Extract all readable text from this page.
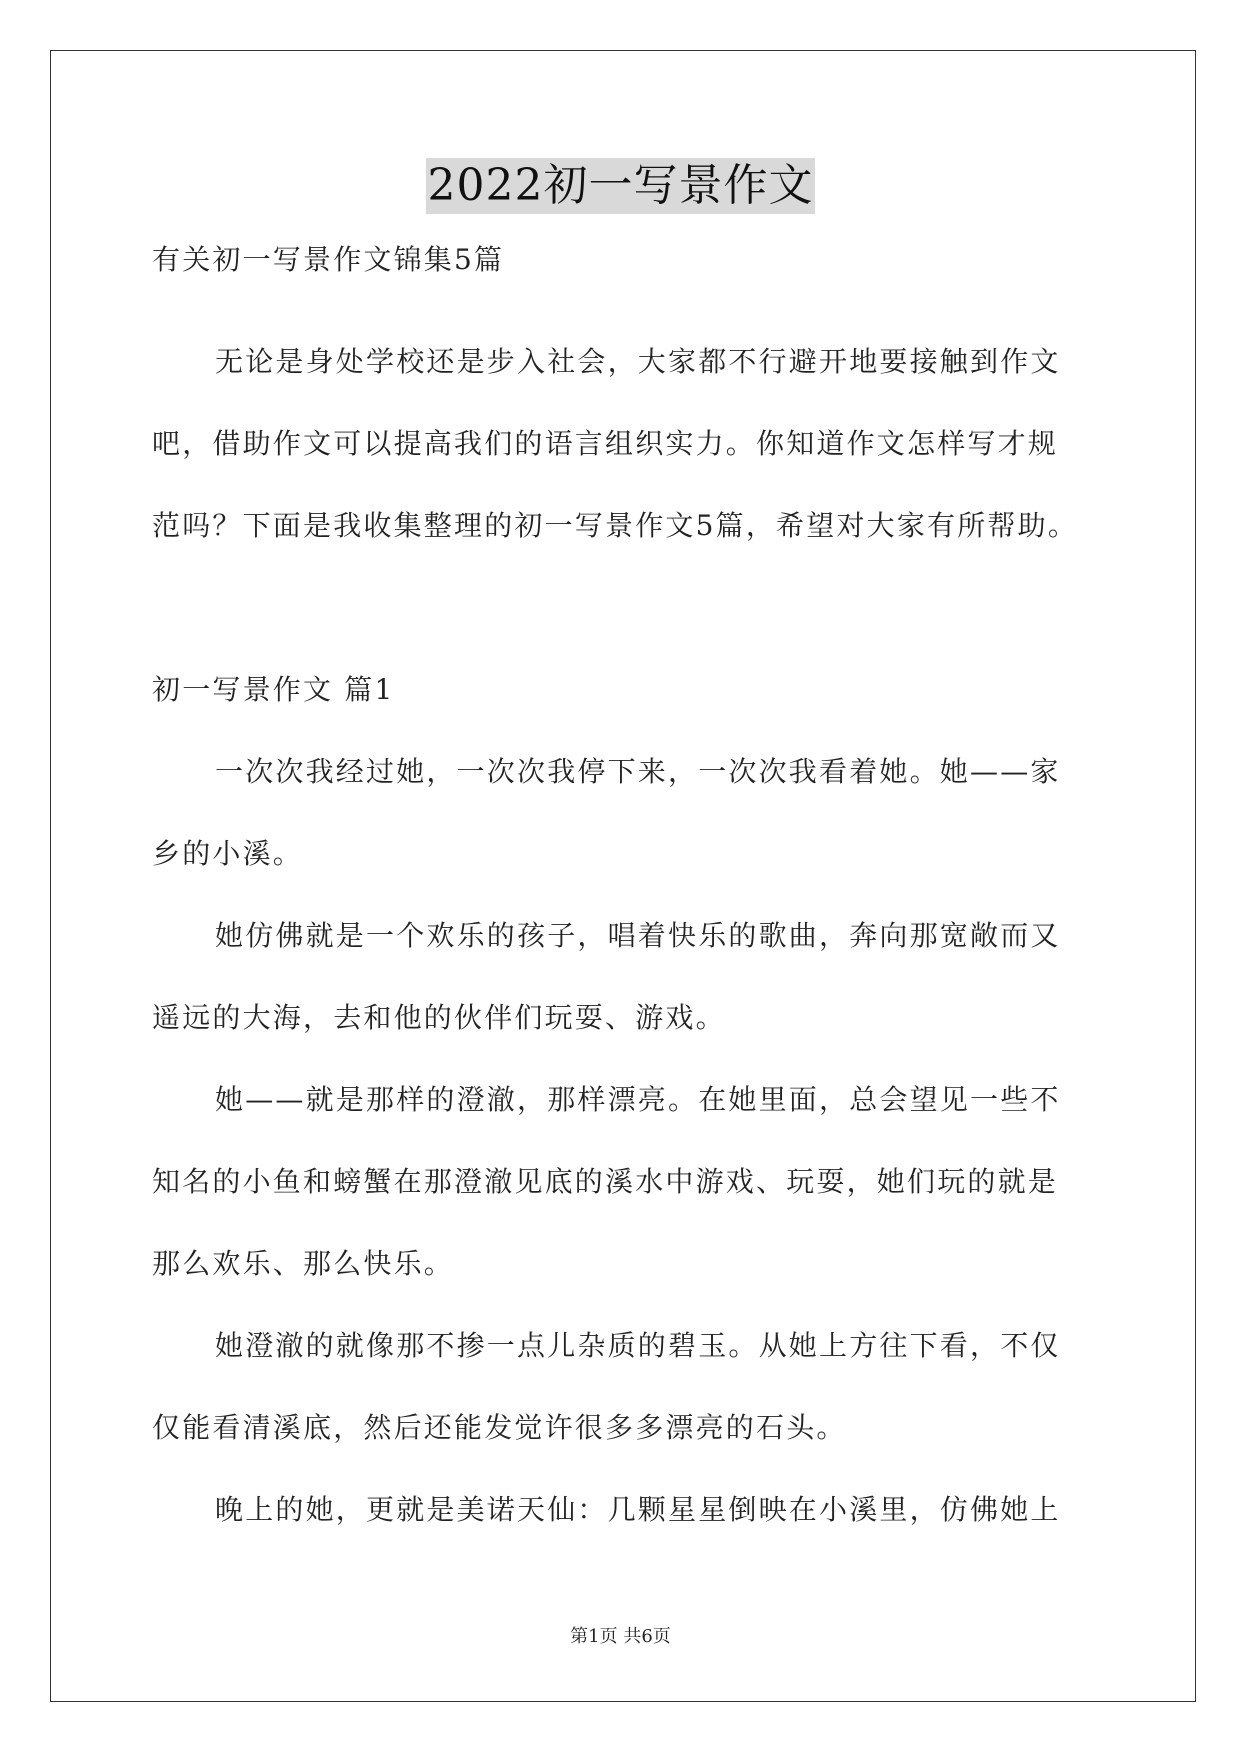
2022初一写景作文
有关初一写景作文锦集5篇
无论是身处学校还是步入社会，大家都不行避开地要接触到作文
吧，借助作文可以提高我们的语言组织实力。你知道作文怎样写才规
范吗？下面是我收集整理的初一写景作文5篇，希望对大家有所帮助。
初一写景作文 篇1
一次次我经过她，一次次我停下来，一次次我看着她。她——家
乡的小溪。
她仿佛就是一个欢乐的孩子，唱着快乐的歌曲，奔向那宽敞而又
遥远的大海，去和他的伙伴们玩耍、游戏。
她——就是那样的澄澈，那样漂亮。在她里面，总会望见一些不
知名的小鱼和螃蟹在那澄澈见底的溪水中游戏、玩耍，她们玩的就是
那么欢乐、那么快乐。
她澄澈的就像那不掺一点儿杂质的碧玉。从她上方往下看，不仅
仅能看清溪底，然后还能发觉许很多多漂亮的石头。
晚上的她，更就是美诺天仙：几颗星星倒映在小溪里，仿佛她上
第1页 共6页
